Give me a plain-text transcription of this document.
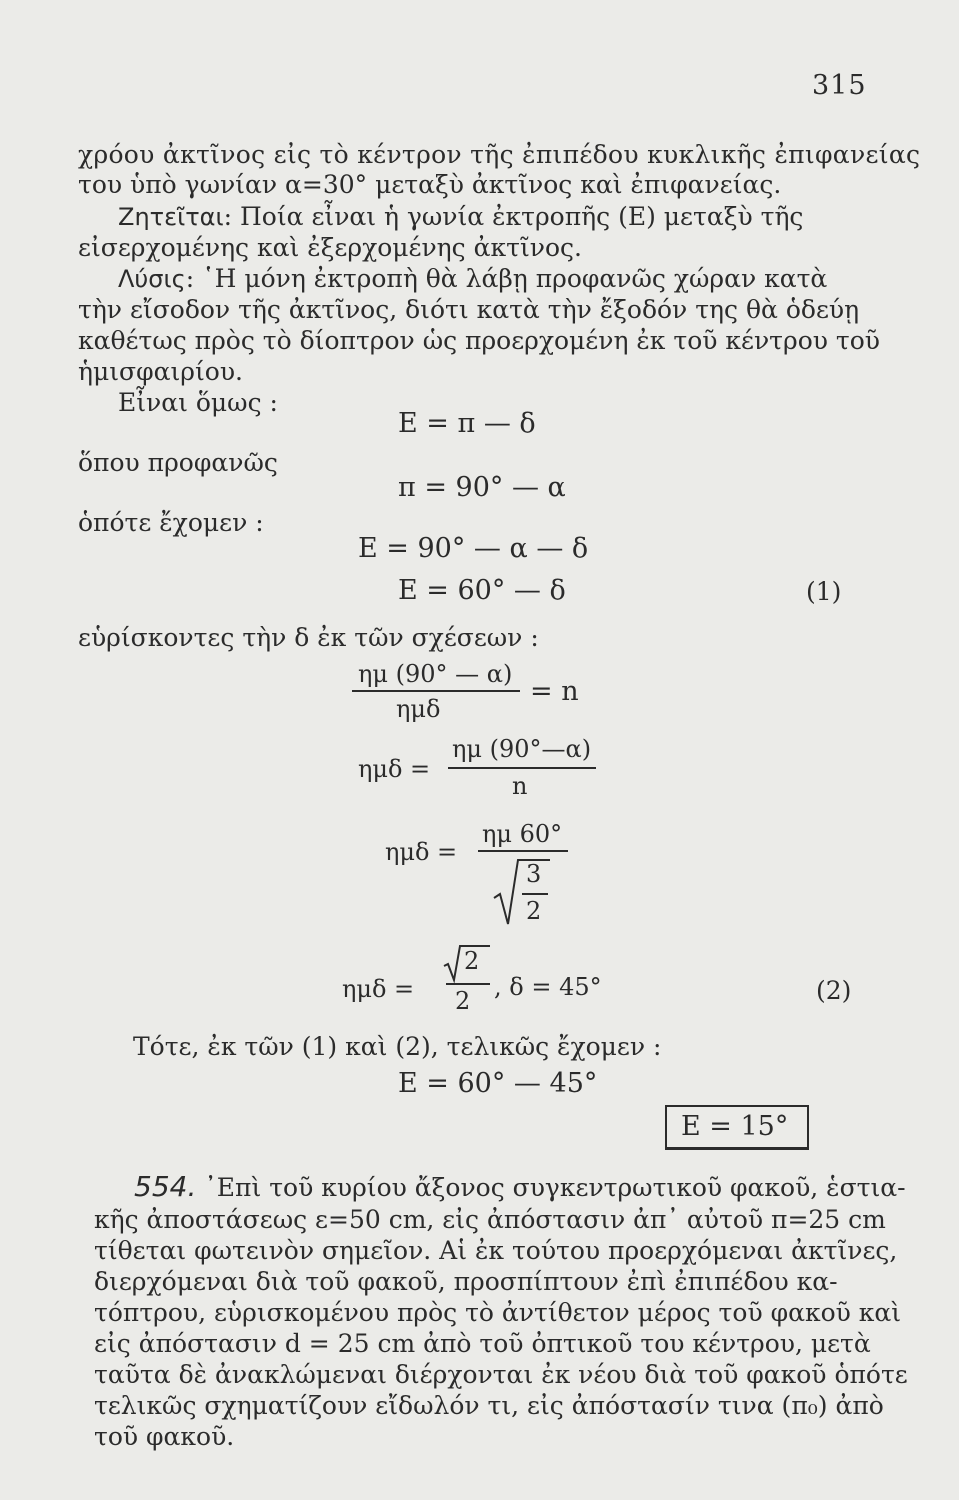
315
χρόου ἀκτῖνος εἰς τὸ κέντρον τῆς ἐπιπέδου κυκλικῆς ἐπιφανείας
του ὑπὸ γωνίαν α=30° μεταξὺ ἀκτῖνος καὶ ἐπιφανείας.
Ζητεῖται: Ποία εἶναι ἡ γωνία ἐκτροπῆς (Ε) μεταξὺ τῆς
εἰσερχομένης καὶ ἐξερχομένης ἀκτῖνος.
Λύσις: ῾Η μόνη ἐκτροπὴ θὰ λάβῃ προφανῶς χώραν κατὰ
τὴν εἴσοδον τῆς ἀκτῖνος, διότι κατὰ τὴν ἔξοδόν της θὰ ὁδεύῃ
καθέτως πρὸς τὸ δίοπτρον ὡς προερχομένη ἐκ τοῦ κέντρου τοῦ
ἡμισφαιρίου.
Εἶναι ὅμως :
Ε = π — δ
ὅπου προφανῶς
π = 90° — α
ὁπότε ἔχομεν :
Ε = 90° — α — δ
Ε = 60° — δ	(1)
εὑρίσκοντες τὴν δ ἐκ τῶν σχέσεων :
ημ (90° — α)
= n
ημδ
ημδ =
ημ (90°—α)
n
ημδ =
ημ 60°
3
2
ημδ =
2
2 , δ = 45°	(2)
Τότε, ἐκ τῶν (1) καὶ (2), τελικῶς ἔχομεν :
Ε = 60° — 45°
Ε = 15°
554. ᾿Επὶ τοῦ κυρίου ἄξονος συγκεντρωτικοῦ φακοῦ, ἑστια-
κῆς ἀποστάσεως ε=50 cm, εἰς ἀπόστασιν ἀπ᾿ αὐτοῦ π=25 cm
τίθεται φωτεινὸν σημεῖον. Αἱ ἐκ τούτου προερχόμεναι ἀκτῖνες,
διερχόμεναι διὰ τοῦ φακοῦ, προσπίπτουν ἐπὶ ἐπιπέδου κα-
τόπτρου, εὑρισκομένου πρὸς τὸ ἀντίθετον μέρος τοῦ φακοῦ καὶ
εἰς ἀπόστασιν d = 25 cm ἀπὸ τοῦ ὀπτικοῦ του κέντρου, μετὰ
ταῦτα δὲ ἀνακλώμεναι διέρχονται ἐκ νέου διὰ τοῦ φακοῦ ὁπότε
τελικῶς σχηματίζουν εἴδωλόν τι, εἰς ἀπόστασίν τινα (π₀) ἀπὸ
τοῦ φακοῦ.
